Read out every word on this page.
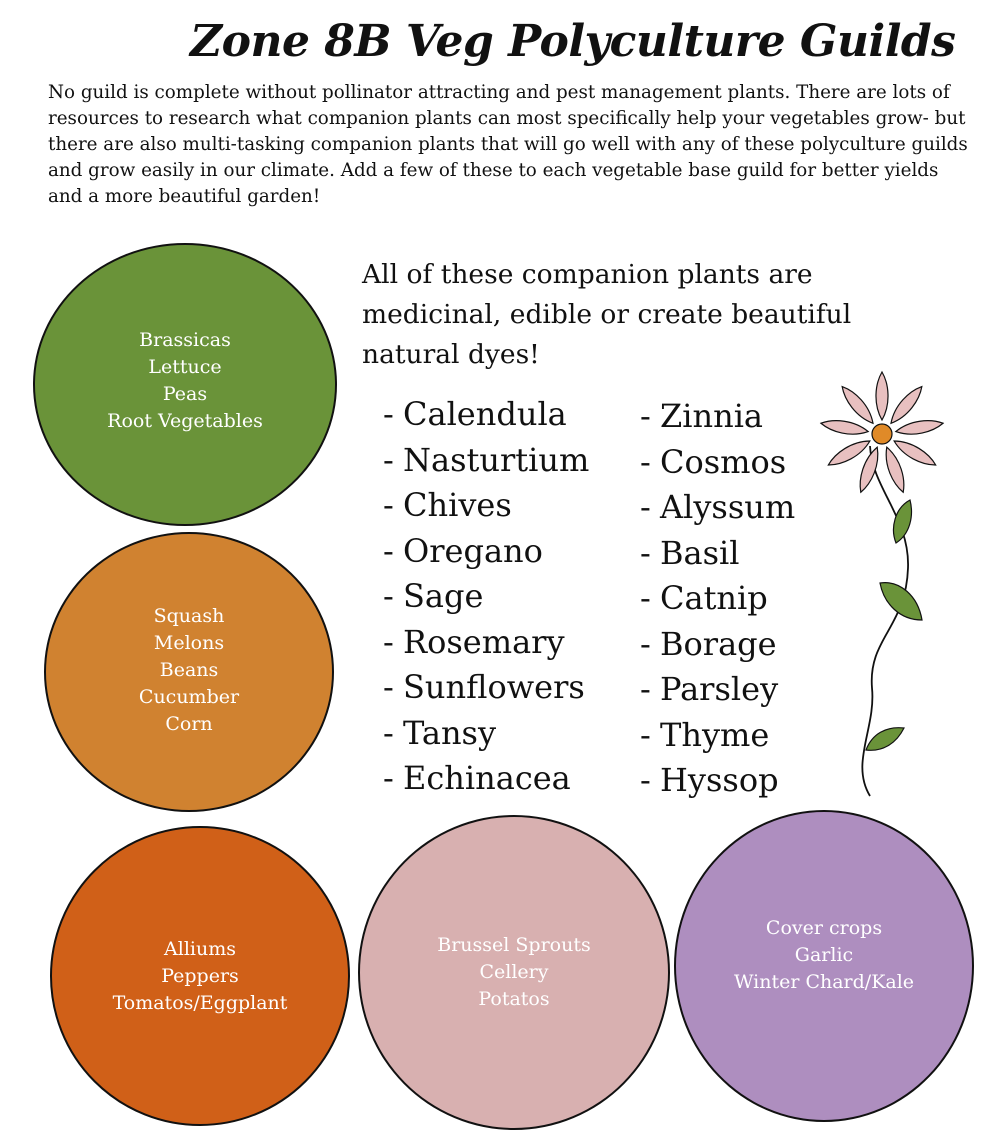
Zone 8B Veg Polyculture Guilds

No guild is complete without pollinator attracting and pest management plants. There are lots of resources to research what companion plants can most specifically help your vegetables grow- but there are also multi-tasking companion plants that will go well with any of these polyculture guilds and grow easily in our climate. Add a few of these to each vegetable base guild for better yields and a more beautiful garden!

Brassicas
Lettuce
Peas
Root Vegetables
Squash
Melons
Beans
Cucumber
Corn
Alliums
Peppers
Tomatos/Eggplant
Brussel Sprouts
Cellery
Potatos
Cover crops
Garlic
Winter Chard/Kale

All of these companion plants are medicinal, edible or create beautiful natural dyes!

- Calendula
- Nasturtium
- Chives
- Oregano
- Sage
- Rosemary
- Sunflowers
- Tansy
- Echinacea
- Zinnia
- Cosmos
- Alyssum
- Basil
- Catnip
- Borage
- Parsley
- Thyme
- Hyssop
